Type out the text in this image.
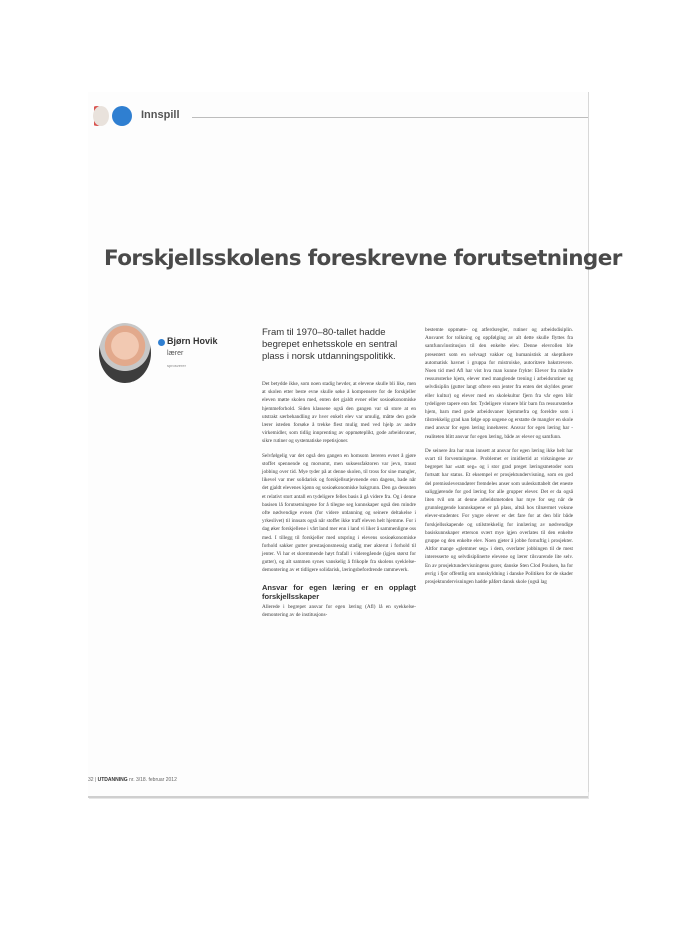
Innspill
Forskjellsskolens foreskrevne forutsetninger
Bjørn Hovik
lærer
sprosverer
Fram til 1970–80-tallet hadde begrepet enhetsskole en sentral plass i norsk utdanningspolitikk.

Det betydde ikke, som noen stadig hevder, at elevene skulle bli like, men at skolen etter beste evne skulle søke å kompensere for de forskjeller eleven møtte skolen med, enten det gjaldt evner eller sosioøkonomiske hjemmeforhold. Siden klassene også den gangen var så store at en utstrakt særbehandling av hver enkelt elev var umulig, måtte den gode lærer isteden forsøke å trekke flest mulig med ved hjelp av andre virkemidler, som tidlig innprenting av oppmøteplikt, gode arbeidsvaner, sikre rutiner og systematiske repetisjoner.

Selvfølgelig var det også den gangen en homsom læreren evnet å gjøre stoffet spennende og morsomt, men suksessfaktoren var jevn, traust jobbing over tid. Mye tyder på at denne skolen, til tross for sine mangler, likevel var mer solidarisk og forskjellsutjevnende enn dagens, bade når det gjaldt elevenes kjønn og sosioøkonomiske bakgrunn. Den ga dessuten et relativt stort antall en tydeligere felles basis å gå videre fra. Og i denne basisen lå forutsetningene for å tilegne seg kunnskaper også den mindre ofte nødvendige evnen (for videre utdanning og seinere deltakelse i yrkeslivet) til innsats også når stoffet ikke traff eleven helt hjemme. For i dag øker forskjellene i vårt land mer enn i land vi liker å sammenligne oss med. I tillegg til forskjeller med utspring i elevens sosioøkonomiske forhold sakker gutter prestasjonsmessig stadig mer akterut i forhold til jenter. Vi har et skremmende høyt frafall i videregående (igjen størst for gutter), og alt sammen synes vanskelig å frikople fra skolens syeklelse-demontering av et tidligere solidarisk, læringsbefordrende rammeverk.

Ansvar for egen læring er en opplagt forskjellsskaper

Allerede i begrepet ansvar for egen læring (Afl) lå en syekkelse-demontering av de institusjons-

bestemte oppmøte- og atferdsregler, rutiner og arbeidsdisiplin. Ansvaret for tolkning og oppfølging av alt dette skulle flyttes fra samfunn/institusjon til den enkelte elev. Denne elevrollen ble presentert som en selvsagt vakker og humanistisk at skeptikere automatisk havnet i gruppa for mistroiske, autoritære bakstrevere. Noen tid med Afl har vist hva man kunne frykte: Elever fra mindre ressurssterke hjem, elever med manglende trening i arbeidsrutiner og selvdisiplin (gutter langt oftere enn jenter fra enten det skyldes gener eller kultur) og elever med en skolekultur fjern fra vår egen blir tydeligere tapere enn før. Tydeligere vinnere blir barn fra ressurssterke hjem, barn med gode arbeidsvaner hjemmefra og foreldre som i tilstrekkelig grad kan følge opp ungene og erstatte de mangler en skole med ansvar for egen læring innebærer. Ansvar for egen læring har - realiteten blitt ansvar for egen læring, både av elever og samfunn.

De seinere åra har man innsett at ansvar for egen læring ikke helt har svart til forventningene. Problemet er imidlertid at virkningene av begrepet har «satt seg» og i stor grad preget læringsmetoder som fortsatt har status. Et eksempel er prosjektundervisning, som en god del premissleverandører fremdeles anser som uuleskuttabelt det eneste saliggjørende for god læring for alle grupper elever. Det er da også liten tvil om at denne arbeidsmetoden har mye for seg når de grunnleggende kunnskapene er på plass, altså hos tilnærmet voksne elever-studenter. For yngre elever er det fare for at den blir både forskjellsskapende og utilstrekkelig for innlæring av nødvendige basiskunnskaper etterson svært mye igjen overlates til den enkelte gruppe og den enkelte elev. Noen gjeter å jobbe fornuftig i prosjekter. Altfor mange «glemmer seg» i dem, overlater jobbingen til de mest interesserte og selvdisiplinerte elevene og lærer tilsvarende lite selv. En av prosjektundervisningens gurer, danske Sten Clod Poulsen, ba for øvrig i fjor offentlig om unnskyldning i danske Politiken for de skader prosjektundervisningen hadde påført dansk skole (også lag

32 | UTDANNING nr. 3/18. februar 2012
